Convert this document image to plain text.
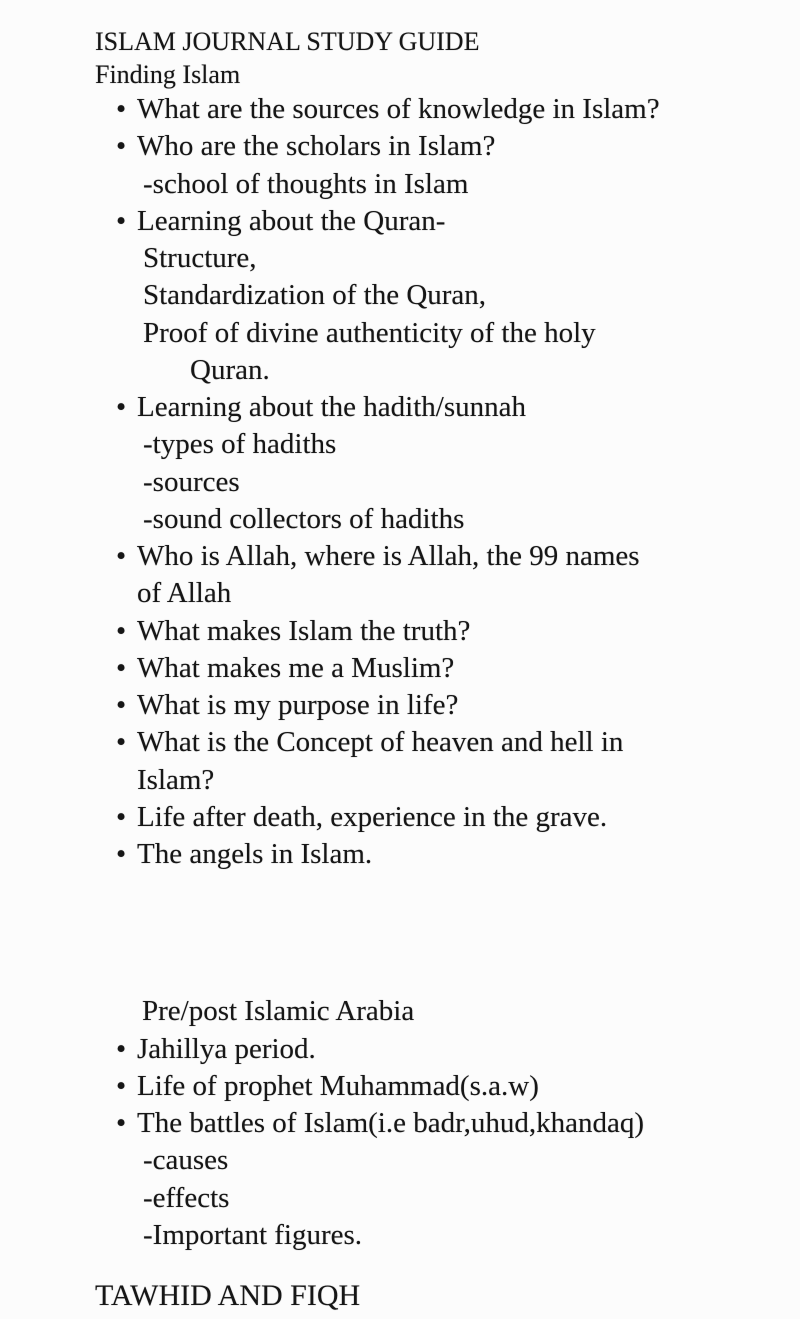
ISLAM JOURNAL STUDY GUIDE
Finding Islam
• What are the sources of knowledge in Islam?
• Who are the scholars in Islam?
-school of thoughts in Islam
• Learning about the Quran-
Structure,
Standardization of the Quran,
Proof of divine authenticity of the holy
Quran.
• Learning about the hadith/sunnah
-types of hadiths
-sources
-sound collectors of hadiths
• Who is Allah, where is Allah, the 99 names
of Allah
• What makes Islam the truth?
• What makes me a Muslim?
• What is my purpose in life?
• What is the Concept of heaven and hell in
Islam?
• Life after death, experience in the grave.
• The angels in Islam.
Pre/post Islamic Arabia
• Jahillya period.
• Life of prophet Muhammad(s.a.w)
• The battles of Islam(i.e badr,uhud,khandaq)
-causes
-effects
-Important figures.
TAWHID AND FIQH
